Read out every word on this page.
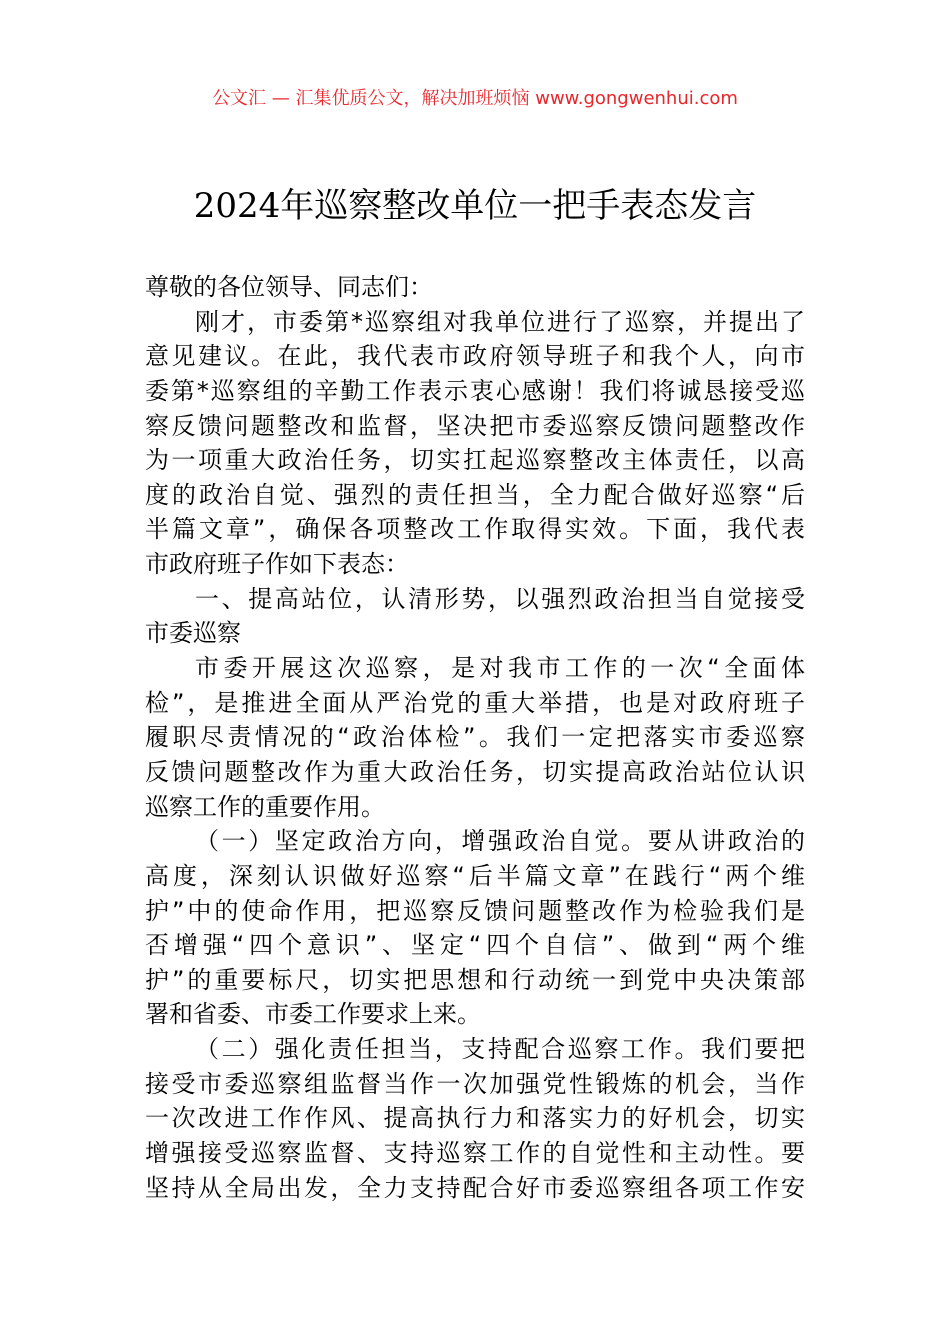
公文汇 — 汇集优质公文，解决加班烦恼 www.gongwenhui.com
2024年巡察整改单位一把手表态发言
尊敬的各位领导、同志们：
刚才，市委第*巡察组对我单位进行了巡察，并提出了
意见建议。在此，我代表市政府领导班子和我个人，向市
委第*巡察组的辛勤工作表示衷心感谢！我们将诚恳接受巡
察反馈问题整改和监督，坚决把市委巡察反馈问题整改作
为一项重大政治任务，切实扛起巡察整改主体责任，以高
度的政治自觉、强烈的责任担当，全力配合做好巡察“后
半篇文章”，确保各项整改工作取得实效。下面，我代表
市政府班子作如下表态：
一、提高站位，认清形势，以强烈政治担当自觉接受
市委巡察
市委开展这次巡察，是对我市工作的一次“全面体
检”，是推进全面从严治党的重大举措，也是对政府班子
履职尽责情况的“政治体检”。我们一定把落实市委巡察
反馈问题整改作为重大政治任务，切实提高政治站位认识
巡察工作的重要作用。
（一）坚定政治方向，增强政治自觉。要从讲政治的
高度，深刻认识做好巡察“后半篇文章”在践行“两个维
护”中的使命作用，把巡察反馈问题整改作为检验我们是
否增强“四个意识”、坚定“四个自信”、做到“两个维
护”的重要标尺，切实把思想和行动统一到党中央决策部
署和省委、市委工作要求上来。
（二）强化责任担当，支持配合巡察工作。我们要把
接受市委巡察组监督当作一次加强党性锻炼的机会，当作
一次改进工作作风、提高执行力和落实力的好机会，切实
增强接受巡察监督、支持巡察工作的自觉性和主动性。要
坚持从全局出发，全力支持配合好市委巡察组各项工作安
